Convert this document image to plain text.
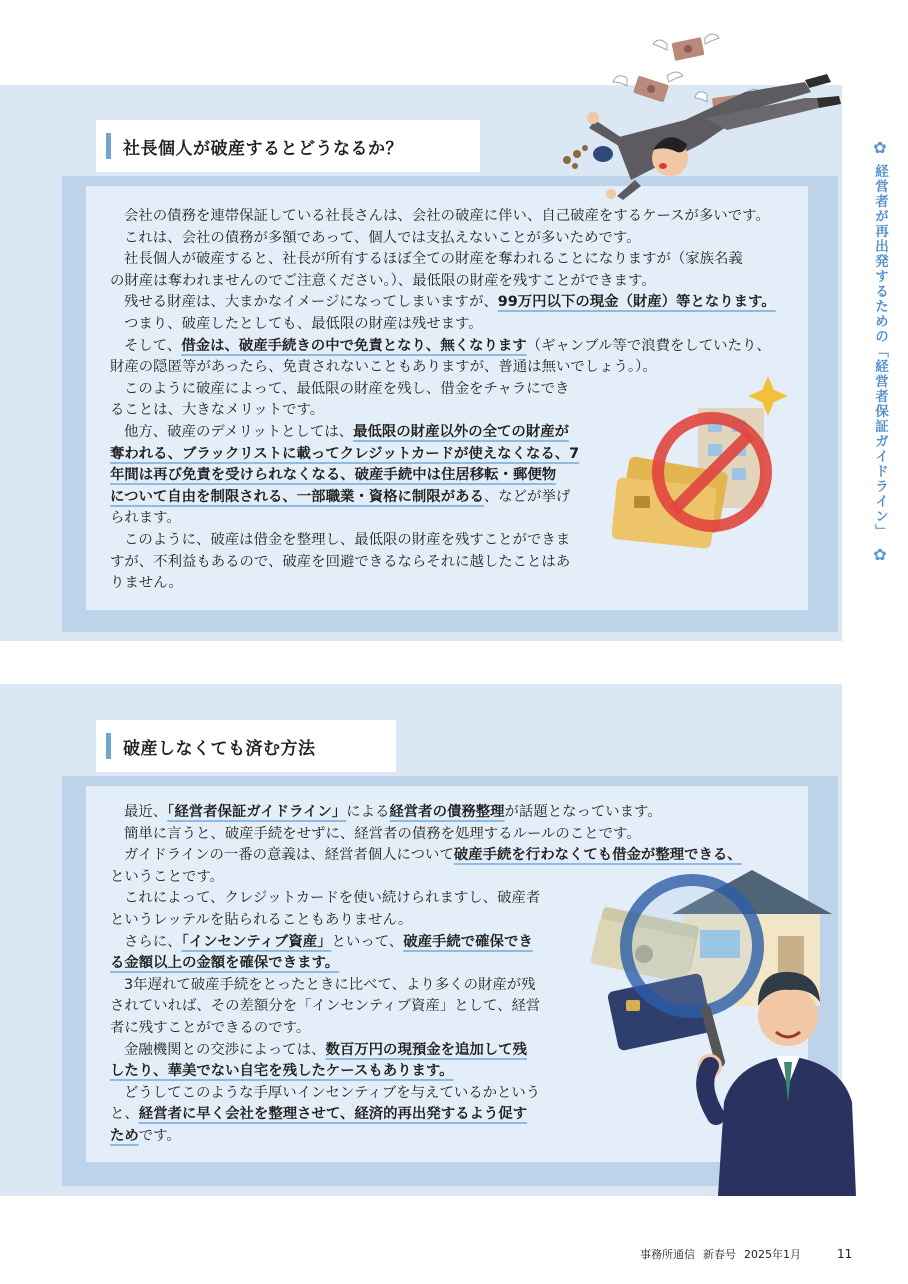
社長個人が破産するとどうなるか？

会社の債務を連帯保証している社長さんは、会社の破産に伴い、自己破産をするケースが多いです。

これは、会社の債務が多額であって、個人では支払えないことが多いためです。

社長個人が破産すると、社長が所有するほぼ全ての財産を奪われることになりますが（家族名義

の財産は奪われませんのでご注意ください。）、最低限の財産を残すことができます。

残せる財産は、大まかなイメージになってしまいますが、99万円以下の現金（財産）等となります。

つまり、破産したとしても、最低限の財産は残せます。

そして、借金は、破産手続きの中で免責となり、無くなります（ギャンブル等で浪費をしていたり、

財産の隠匿等があったら、免責されないこともありますが、普通は無いでしょう。）。

このように破産によって、最低限の財産を残し、借金をチャラにでき

ることは、大きなメリットです。

他方、破産のデメリットとしては、最低限の財産以外の全ての財産が

奪われる、ブラックリストに載ってクレジットカードが使えなくなる、7

年間は再び免責を受けられなくなる、破産手続中は住居移転・郵便物

について自由を制限される、一部職業・資格に制限がある、などが挙げ

られます。

このように、破産は借金を整理し、最低限の財産を残すことができま

すが、不利益もあるので、破産を回避できるならそれに越したことはあ

りません。

破産しなくても済む方法

最近、「経営者保証ガイドライン」による経営者の債務整理が話題となっています。

簡単に言うと、破産手続をせずに、経営者の債務を処理するルールのことです。

ガイドラインの一番の意義は、経営者個人について破産手続を行わなくても借金が整理できる、

ということです。

これによって、クレジットカードを使い続けられますし、破産者

というレッテルを貼られることもありません。

さらに、「インセンティブ資産」といって、破産手続で確保でき

る金額以上の金額を確保できます。

3年遅れて破産手続をとったときに比べて、より多くの財産が残

されていれば、その差額分を「インセンティブ資産」として、経営

者に残すことができるのです。

金融機関との交渉によっては、数百万円の現預金を追加して残

したり、華美でない自宅を残したケースもあります。

どうしてこのような手厚いインセンティブを与えているかという

と、経営者に早く会社を整理させて、経済的再出発するよう促す

ためです。

✿
経営者が再出発するための「経営者保証ガイドライン」
✿
事務所通信 新春号 2025年1月	11
